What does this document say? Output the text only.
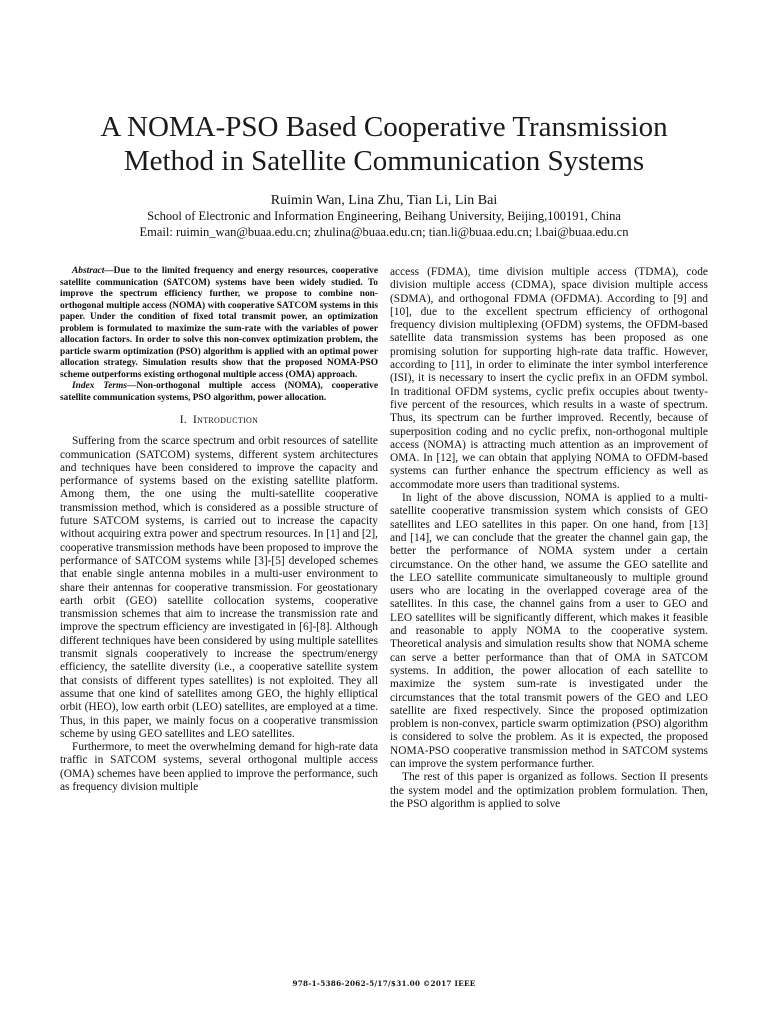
A NOMA-PSO Based Cooperative Transmission
Method in Satellite Communication Systems
Ruimin Wan, Lina Zhu, Tian Li, Lin Bai
School of Electronic and Information Engineering, Beihang University, Beijing,100191, China
Email: ruimin_wan@buaa.edu.cn; zhulina@buaa.edu.cn; tian.li@buaa.edu.cn; l.bai@buaa.edu.cn

Abstract—Due to the limited frequency and energy resources, cooperative satellite communication (SATCOM) systems have been widely studied. To improve the spectrum efficiency further, we propose to combine non-orthogonal multiple access (NOMA) with cooperative SATCOM systems in this paper. Under the condition of fixed total transmit power, an optimization problem is formulated to maximize the sum-rate with the variables of power allocation factors. In order to solve this non-convex optimization problem, the particle swarm optimization (PSO) algorithm is applied with an optimal power allocation strategy. Simulation results show that the proposed NOMA-PSO scheme outperforms existing orthogonal multiple access (OMA) approach.

Index Terms—Non-orthogonal multiple access (NOMA), cooperative satellite communication systems, PSO algorithm, power allocation.

I. Introduction

Suffering from the scarce spectrum and orbit resources of satellite communication (SATCOM) systems, different system architectures and techniques have been considered to improve the capacity and performance of systems based on the existing satellite platform. Among them, the one using the multi-satellite cooperative transmission method, which is considered as a possible structure of future SATCOM systems, is carried out to increase the capacity without acquiring extra power and spectrum resources. In [1] and [2], cooperative transmission methods have been proposed to improve the performance of SATCOM systems while [3]-[5] developed schemes that enable single antenna mobiles in a multi-user environment to share their antennas for cooperative transmission. For geostationary earth orbit (GEO) satellite collocation systems, cooperative transmission schemes that aim to increase the transmission rate and improve the spectrum efficiency are investigated in [6]-[8]. Although different techniques have been considered by using multiple satellites transmit signals cooperatively to increase the spectrum/energy efficiency, the satellite diversity (i.e., a cooperative satellite system that consists of different types satellites) is not exploited. They all assume that one kind of satellites among GEO, the highly elliptical orbit (HEO), low earth orbit (LEO) satellites, are employed at a time. Thus, in this paper, we mainly focus on a cooperative transmission scheme by using GEO satellites and LEO satellites.

Furthermore, to meet the overwhelming demand for high-rate data traffic in SATCOM systems, several orthogonal multiple access (OMA) schemes have been applied to improve the performance, such as frequency division multiple

access (FDMA), time division multiple access (TDMA), code division multiple access (CDMA), space division multiple access (SDMA), and orthogonal FDMA (OFDMA). According to [9] and [10], due to the excellent spectrum efficiency of orthogonal frequency division multiplexing (OFDM) systems, the OFDM-based satellite data transmission systems has been proposed as one promising solution for supporting high-rate data traffic. However, according to [11], in order to eliminate the inter symbol interference (ISI), it is necessary to insert the cyclic prefix in an OFDM symbol. In traditional OFDM systems, cyclic prefix occupies about twenty-five percent of the resources, which results in a waste of spectrum. Thus, its spectrum can be further improved. Recently, because of superposition coding and no cyclic prefix, non-orthogonal multiple access (NOMA) is attracting much attention as an improvement of OMA. In [12], we can obtain that applying NOMA to OFDM-based systems can further enhance the spectrum efficiency as well as accommodate more users than traditional systems.

In light of the above discussion, NOMA is applied to a multi-satellite cooperative transmission system which consists of GEO satellites and LEO satellites in this paper. On one hand, from [13] and [14], we can conclude that the greater the channel gain gap, the better the performance of NOMA system under a certain circumstance. On the other hand, we assume the GEO satellite and the LEO satellite communicate simultaneously to multiple ground users who are locating in the overlapped coverage area of the satellites. In this case, the channel gains from a user to GEO and LEO satellites will be significantly different, which makes it feasible and reasonable to apply NOMA to the cooperative system. Theoretical analysis and simulation results show that NOMA scheme can serve a better performance than that of OMA in SATCOM systems. In addition, the power allocation of each satellite to maximize the system sum-rate is investigated under the circumstances that the total transmit powers of the GEO and LEO satellite are fixed respectively. Since the proposed optimization problem is non-convex, particle swarm optimization (PSO) algorithm is considered to solve the problem. As it is expected, the proposed NOMA-PSO cooperative transmission method in SATCOM systems can improve the system performance further.

The rest of this paper is organized as follows. Section II presents the system model and the optimization problem formulation. Then, the PSO algorithm is applied to solve

978-1-5386-2062-5/17/$31.00 ©2017 IEEE
